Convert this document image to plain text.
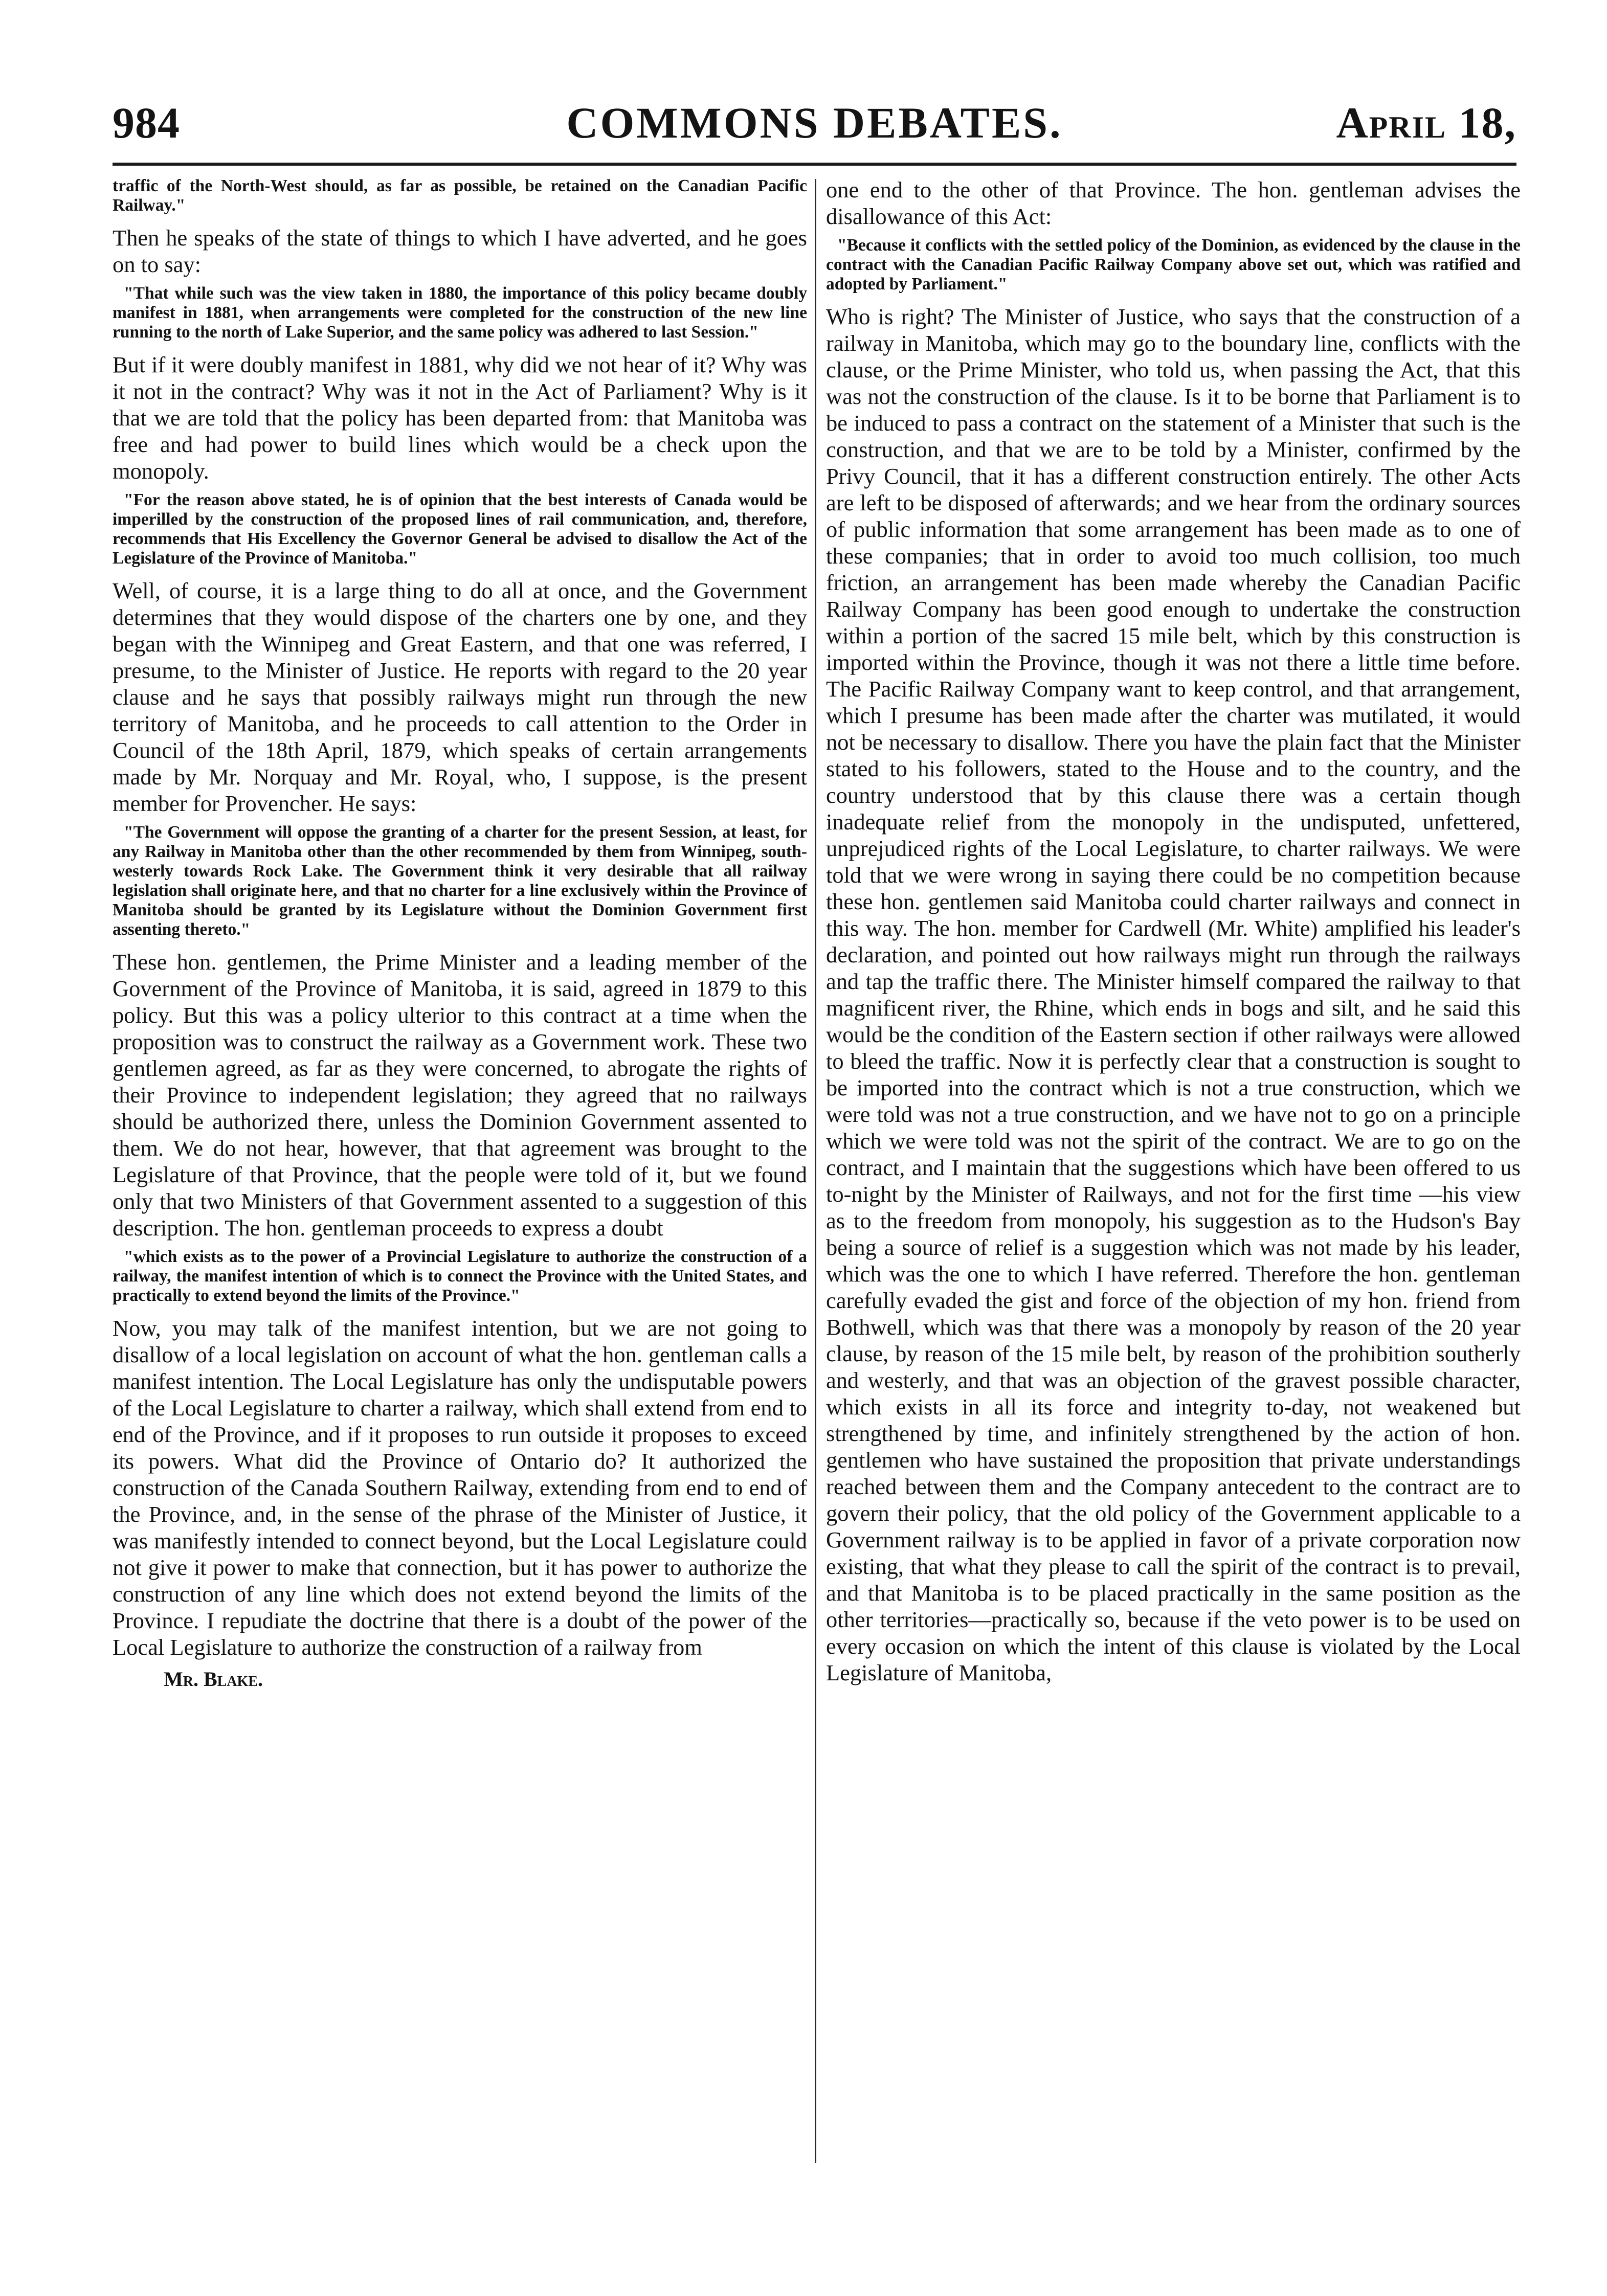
984	COMMONS DEBATES.	April 18,

traffic of the North-West should, as far as possible, be retained on the Canadian Pacific Railway."

Then he speaks of the state of things to which I have adverted, and he goes on to say:

"That while such was the view taken in 1880, the importance of this policy became doubly manifest in 1881, when arrangements were completed for the construction of the new line running to the north of Lake Superior, and the same policy was adhered to last Session."

But if it were doubly manifest in 1881, why did we not hear of it? Why was it not in the contract? Why was it not in the Act of Parliament? Why is it that we are told that the policy has been departed from: that Manitoba was free and had power to build lines which would be a check upon the monopoly.

"For the reason above stated, he is of opinion that the best interests of Canada would be imperilled by the construction of the proposed lines of rail communication, and, therefore, recommends that His Excellency the Governor General be advised to disallow the Act of the Legislature of the Province of Manitoba."

Well, of course, it is a large thing to do all at once, and the Government determines that they would dispose of the charters one by one, and they began with the Winnipeg and Great Eastern, and that one was referred, I presume, to the Minister of Justice. He reports with regard to the 20 year clause and he says that possibly railways might run through the new territory of Manitoba, and he proceeds to call attention to the Order in Council of the 18th April, 1879, which speaks of certain arrangements made by Mr. Norquay and Mr. Royal, who, I suppose, is the present member for Provencher. He says:

"The Government will oppose the granting of a charter for the present Session, at least, for any Railway in Manitoba other than the other recommended by them from Winnipeg, south-westerly towards Rock Lake. The Government think it very desirable that all railway legislation shall originate here, and that no charter for a line exclusively within the Province of Manitoba should be granted by its Legislature without the Dominion Government first assenting thereto."

These hon. gentlemen, the Prime Minister and a leading member of the Government of the Province of Manitoba, it is said, agreed in 1879 to this policy. But this was a policy ulterior to this contract at a time when the proposition was to construct the railway as a Government work. These two gentlemen agreed, as far as they were concerned, to abrogate the rights of their Province to independent legislation; they agreed that no railways should be authorized there, unless the Dominion Government assented to them. We do not hear, however, that that agreement was brought to the Legislature of that Province, that the people were told of it, but we found only that two Ministers of that Government assented to a suggestion of this description. The hon. gentleman proceeds to express a doubt

"which exists as to the power of a Provincial Legislature to authorize the construction of a railway, the manifest intention of which is to connect the Province with the United States, and practically to extend beyond the limits of the Province."

Now, you may talk of the manifest intention, but we are not going to disallow of a local legislation on account of what the hon. gentleman calls a manifest intention. The Local Legislature has only the undisputable powers of the Local Legislature to charter a railway, which shall extend from end to end of the Province, and if it proposes to run outside it proposes to exceed its powers. What did the Province of Ontario do? It authorized the construction of the Canada Southern Railway, extending from end to end of the Province, and, in the sense of the phrase of the Minister of Justice, it was manifestly intended to connect beyond, but the Local Legislature could not give it power to make that connection, but it has power to authorize the construction of any line which does not extend beyond the limits of the Province. I repudiate the doctrine that there is a doubt of the power of the Local Legislature to authorize the construction of a railway from

Mr. Blake.

one end to the other of that Province. The hon. gentleman advises the disallowance of this Act:

"Because it conflicts with the settled policy of the Dominion, as evidenced by the clause in the contract with the Canadian Pacific Railway Company above set out, which was ratified and adopted by Parliament."

Who is right? The Minister of Justice, who says that the construction of a railway in Manitoba, which may go to the boundary line, conflicts with the clause, or the Prime Minister, who told us, when passing the Act, that this was not the construction of the clause. Is it to be borne that Parliament is to be induced to pass a contract on the statement of a Minister that such is the construction, and that we are to be told by a Minister, confirmed by the Privy Council, that it has a different construction entirely. The other Acts are left to be disposed of afterwards; and we hear from the ordinary sources of public information that some arrangement has been made as to one of these companies; that in order to avoid too much collision, too much friction, an arrangement has been made whereby the Canadian Pacific Railway Company has been good enough to undertake the construction within a portion of the sacred 15 mile belt, which by this construction is imported within the Province, though it was not there a little time before. The Pacific Railway Company want to keep control, and that arrangement, which I presume has been made after the charter was mutilated, it would not be necessary to disallow. There you have the plain fact that the Minister stated to his followers, stated to the House and to the country, and the country understood that by this clause there was a certain though inadequate relief from the monopoly in the undisputed, unfettered, unprejudiced rights of the Local Legislature, to charter railways. We were told that we were wrong in saying there could be no competition because these hon. gentlemen said Manitoba could charter railways and connect in this way. The hon. member for Cardwell (Mr. White) amplified his leader's declaration, and pointed out how railways might run through the railways and tap the traffic there. The Minister himself compared the railway to that magnificent river, the Rhine, which ends in bogs and silt, and he said this would be the condition of the Eastern section if other railways were allowed to bleed the traffic. Now it is perfectly clear that a construction is sought to be imported into the contract which is not a true construction, which we were told was not a true construction, and we have not to go on a principle which we were told was not the spirit of the contract. We are to go on the contract, and I maintain that the suggestions which have been offered to us to-night by the Minister of Railways, and not for the first time —his view as to the freedom from monopoly, his suggestion as to the Hudson's Bay being a source of relief is a suggestion which was not made by his leader, which was the one to which I have referred. Therefore the hon. gentleman carefully evaded the gist and force of the objection of my hon. friend from Bothwell, which was that there was a monopoly by reason of the 20 year clause, by reason of the 15 mile belt, by reason of the prohibition southerly and westerly, and that was an objection of the gravest possible character, which exists in all its force and integrity to-day, not weakened but strengthened by time, and infinitely strengthened by the action of hon. gentlemen who have sustained the proposition that private understandings reached between them and the Company antecedent to the contract are to govern their policy, that the old policy of the Government applicable to a Government railway is to be applied in favor of a private corporation now existing, that what they please to call the spirit of the contract is to prevail, and that Manitoba is to be placed practically in the same position as the other territories—practically so, because if the veto power is to be used on every occasion on which the intent of this clause is violated by the Local Legislature of Manitoba,
